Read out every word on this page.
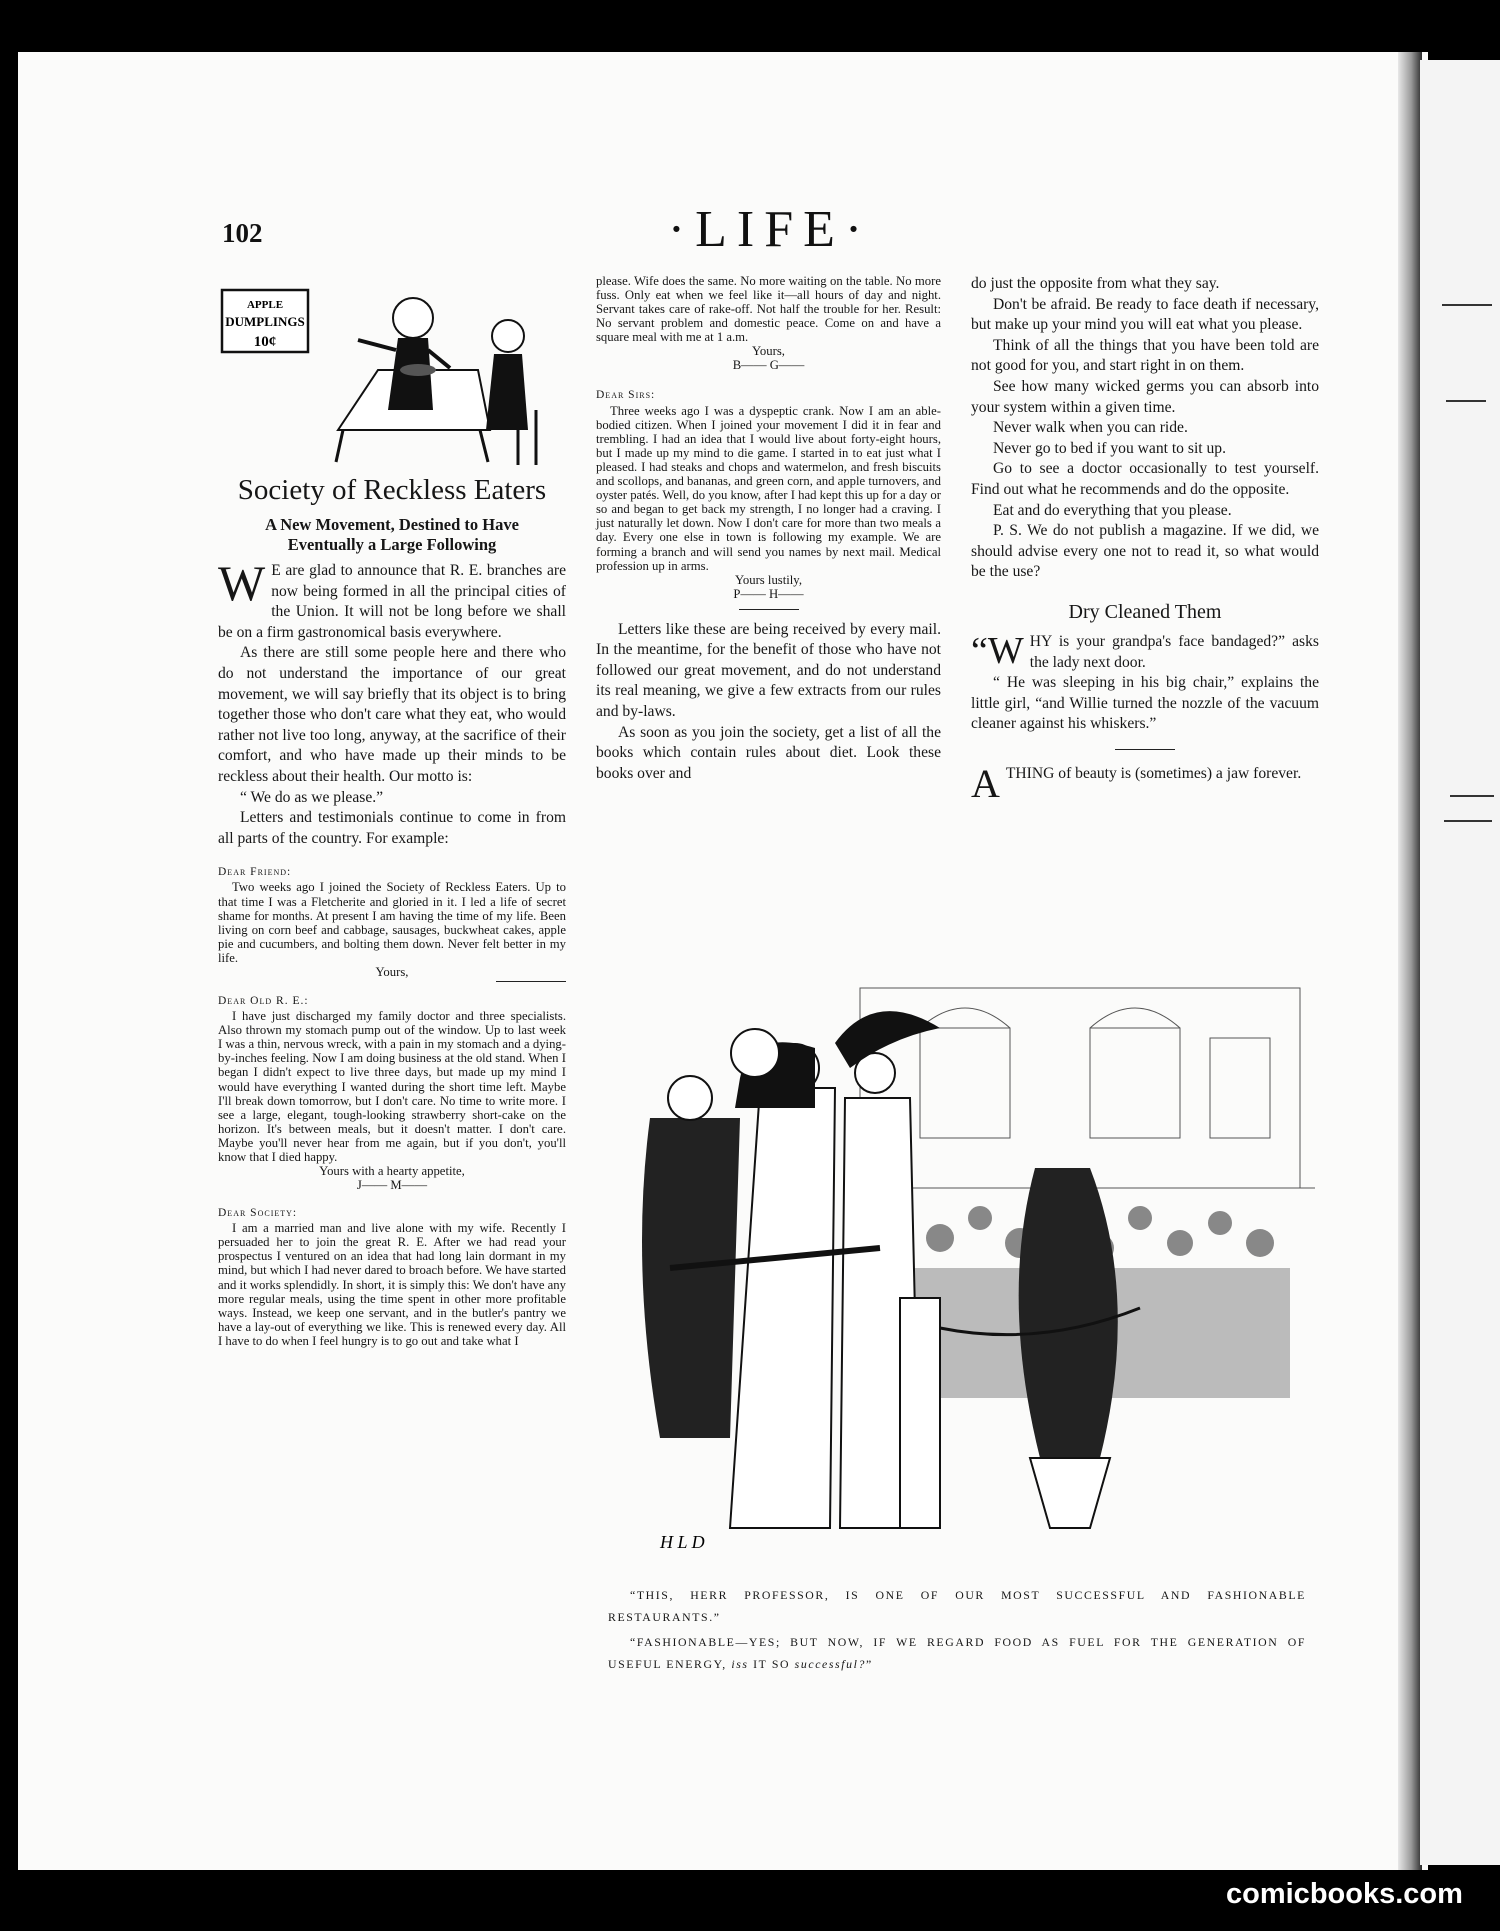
102	·LIFE·
APPLE
DUMPLINGS
10¢
Society of Reckless Eaters
A New Movement, Destined to Have
Eventually a Large Following

W E are glad to announce that R. E. branches are now being formed in all the principal cities of the Union. It will not be long before we shall be on a firm gastronomical basis everywhere.

As there are still some people here and there who do not understand the importance of our great movement, we will say briefly that its object is to bring together those who don't care what they eat, who would rather not live too long, anyway, at the sacrifice of their comfort, and who have made up their minds to be reckless about their health. Our motto is:

“ We do as we please.”

Letters and testimonials continue to come in from all parts of the country. For example:

Dear Friend:

Two weeks ago I joined the Society of Reckless Eaters. Up to that time I was a Fletcherite and gloried in it. I led a life of secret shame for months. At present I am having the time of my life. Been living on corn beef and cabbage, sausages, buckwheat cakes, apple pie and cucumbers, and bolting them down. Never felt better in my life.

Yours,

Dear Old R. E.:

I have just discharged my family doctor and three specialists. Also thrown my stomach pump out of the window. Up to last week I was a thin, nervous wreck, with a pain in my stomach and a dying-by-inches feeling. Now I am doing business at the old stand. When I began I didn't expect to live three days, but made up my mind I would have everything I wanted during the short time left. Maybe I'll break down tomorrow, but I don't care. No time to write more. I see a large, elegant, tough-looking strawberry short-cake on the horizon. It's between meals, but it doesn't matter. I don't care. Maybe you'll never hear from me again, but if you don't, you'll know that I died happy.

Yours with a hearty appetite,
J—— M——

Dear Society:

I am a married man and live alone with my wife. Recently I persuaded her to join the great R. E. After we had read your prospectus I ventured on an idea that had long lain dormant in my mind, but which I had never dared to broach before. We have started and it works splendidly. In short, it is simply this: We don't have any more regular meals, using the time spent in other more profitable ways. Instead, we keep one servant, and in the butler's pantry we have a lay-out of everything we like. This is renewed every day. All I have to do when I feel hungry is to go out and take what I

please. Wife does the same. No more waiting on the table. No more fuss. Only eat when we feel like it—all hours of day and night. Servant takes care of rake-off. Not half the trouble for her. Result: No servant problem and domestic peace. Come on and have a square meal with me at 1 a.m.

Yours,
B—— G——

Dear Sirs:

Three weeks ago I was a dyspeptic crank. Now I am an able-bodied citizen. When I joined your movement I did it in fear and trembling. I had an idea that I would live about forty-eight hours, but I made up my mind to die game. I started in to eat just what I pleased. I had steaks and chops and watermelon, and fresh biscuits and scollops, and bananas, and green corn, and apple turnovers, and oyster patés. Well, do you know, after I had kept this up for a day or so and began to get back my strength, I no longer had a craving. I just naturally let down. Now I don't care for more than two meals a day. Every one else in town is following my example. We are forming a branch and will send you names by next mail. Medical profession up in arms.

Yours lustily,
P—— H——

Letters like these are being received by every mail. In the meantime, for the benefit of those who have not followed our great movement, and do not understand its real meaning, we give a few extracts from our rules and by-laws.

As soon as you join the society, get a list of all the books which contain rules about diet. Look these books over and

do just the opposite from what they say.

Don't be afraid. Be ready to face death if necessary, but make up your mind you will eat what you please.

Think of all the things that you have been told are not good for you, and start right in on them.

See how many wicked germs you can absorb into your system within a given time.

Never walk when you can ride.

Never go to bed if you want to sit up.

Go to see a doctor occasionally to test yourself. Find out what he recommends and do the opposite.

Eat and do everything that you please.

P. S. We do not publish a magazine. If we did, we should advise every one not to read it, so what would be the use?

Dry Cleaned Them

“WHY is your grandpa's face bandaged?” asks the lady next door.

“ He was sleeping in his big chair,” explains the little girl, “and Willie turned the nozzle of the vacuum cleaner against his whiskers.”

ATHING of beauty is (sometimes) a jaw forever.

H L D

“THIS, HERR PROFESSOR, IS ONE OF OUR MOST SUCCESSFUL AND FASHIONABLE RESTAURANTS.”

“FASHIONABLE—YES; BUT NOW, IF WE REGARD FOOD AS FUEL FOR THE GENERATION OF USEFUL ENERGY, iss IT SO successful?”

comicbooks.com
